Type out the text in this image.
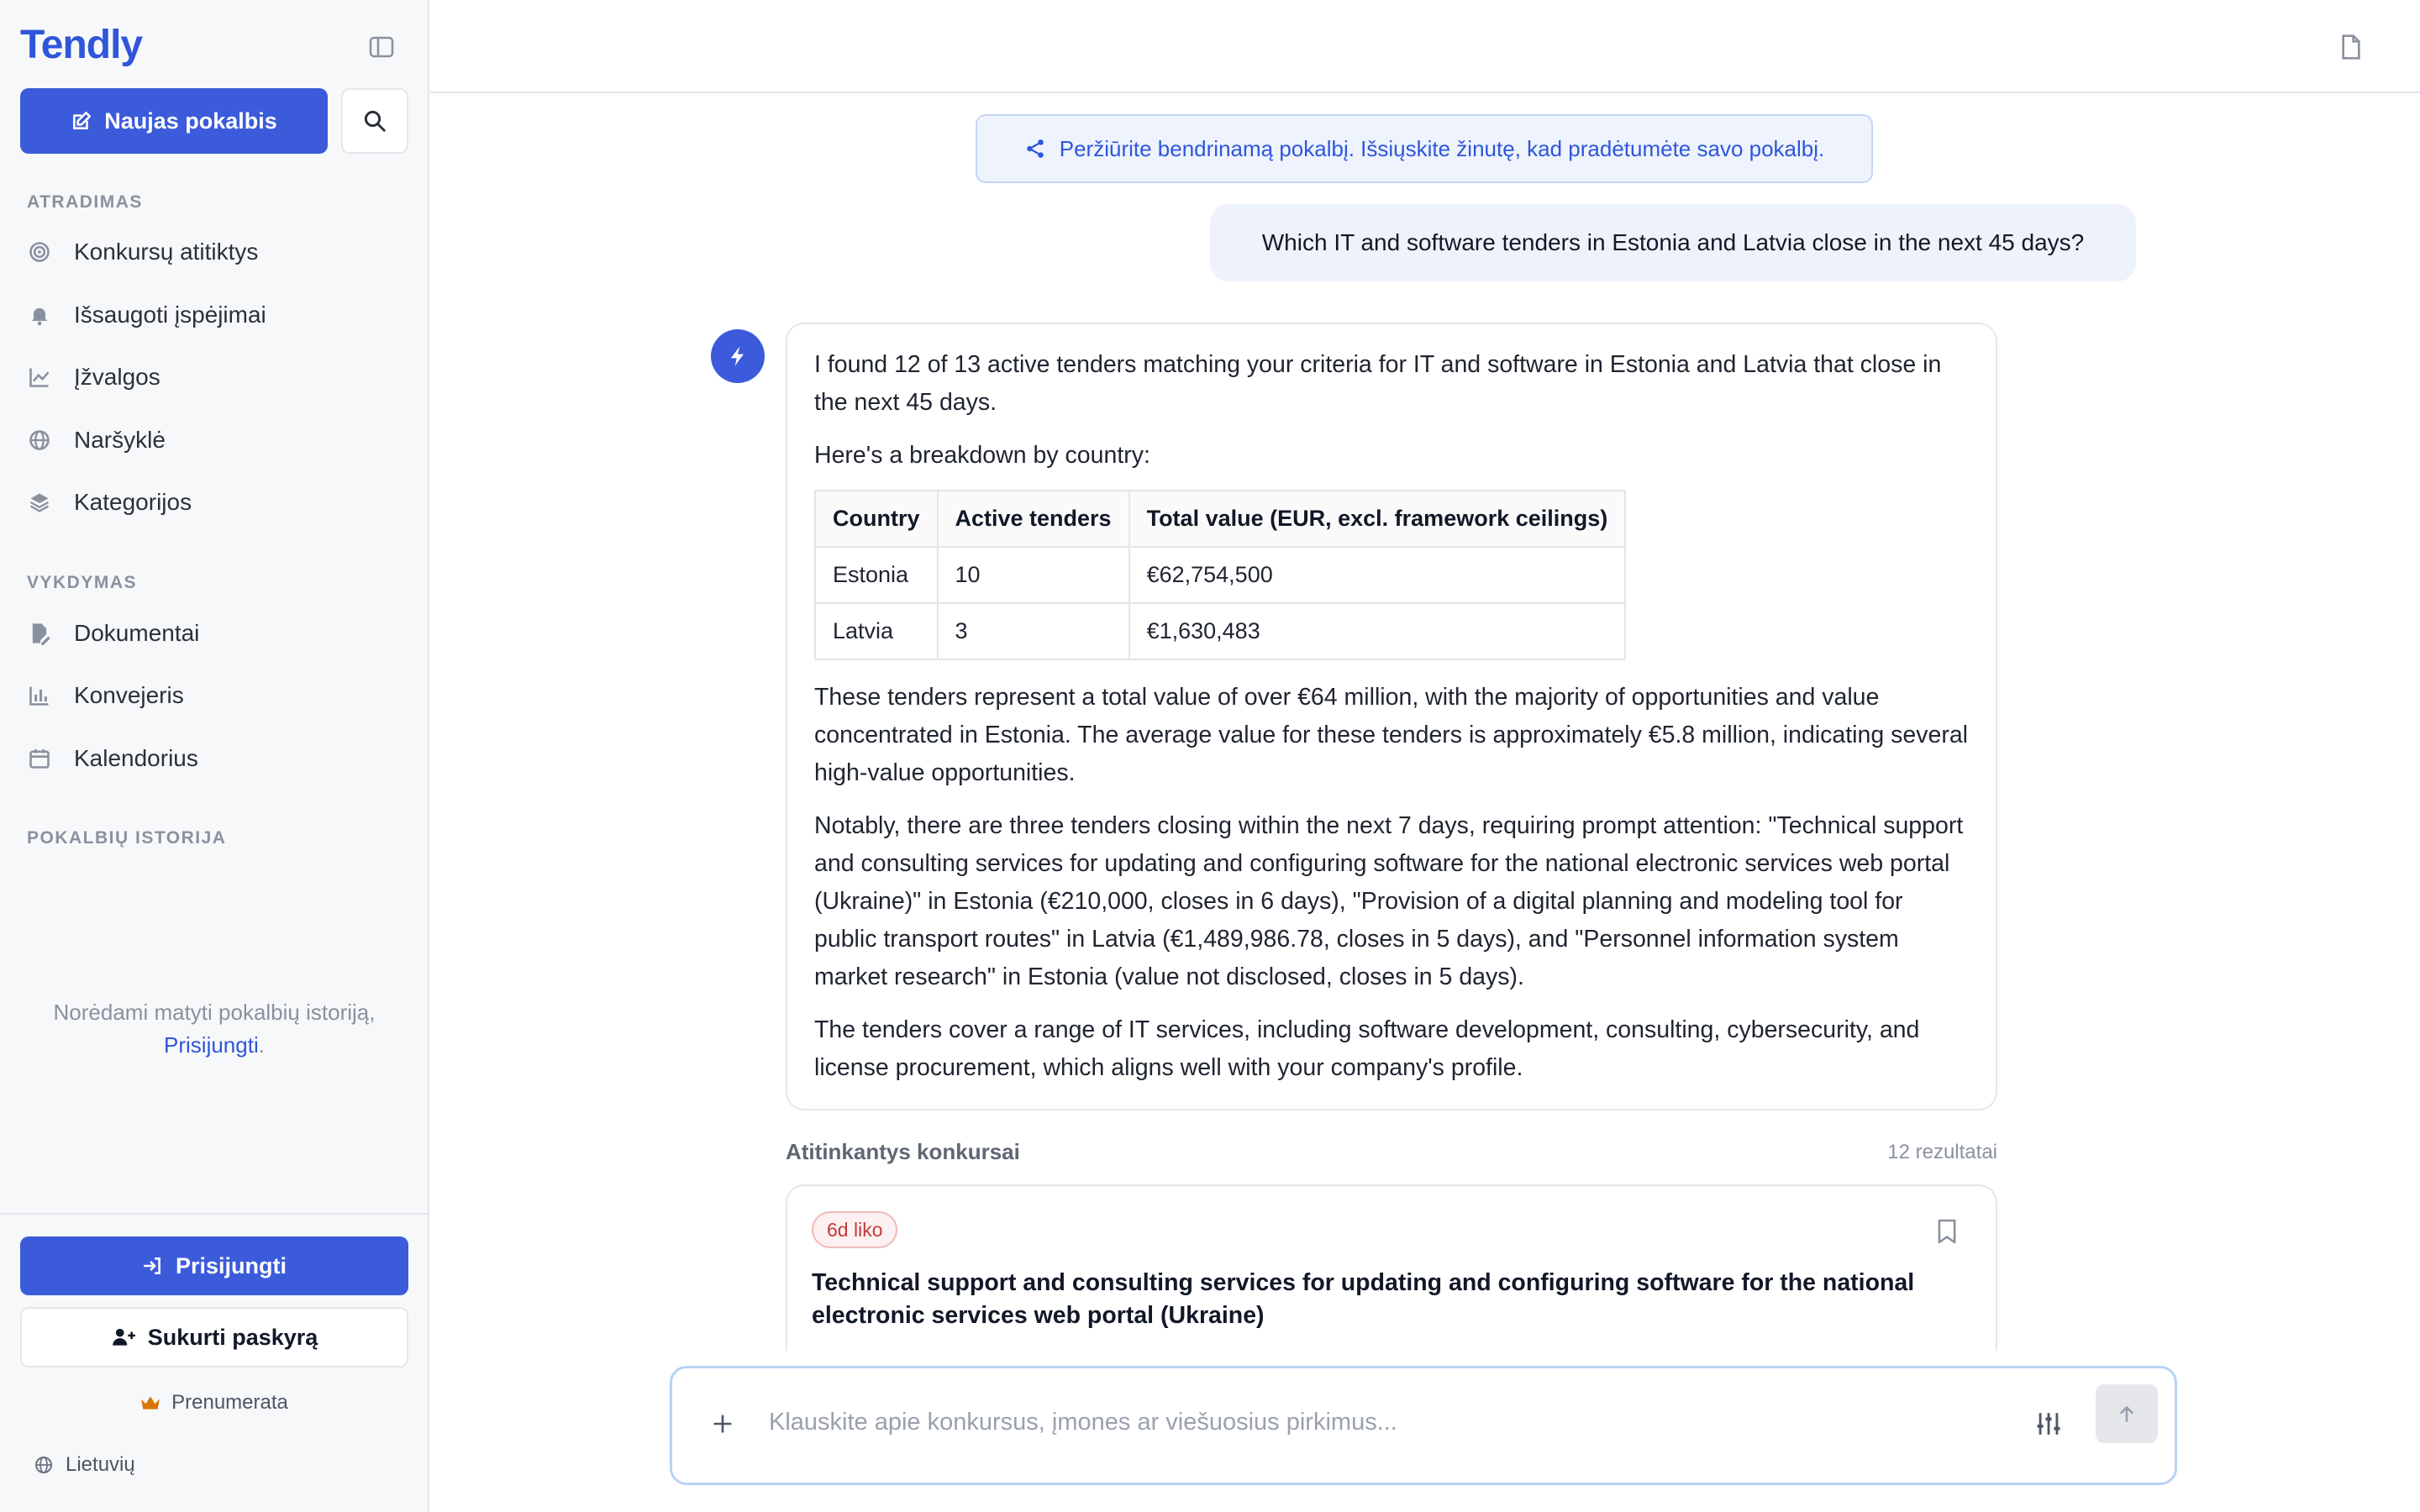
Tendly
Naujas pokalbis
ATRADIMAS
Konkursų atitiktys
Išsaugoti įspėjimai
Įžvalgos
Naršyklė
Kategorijos
VYKDYMAS
Dokumentai
Konvejeris
Kalendorius
POKALBIŲ ISTORIJA
Norėdami matyti pokalbių istoriją,
Prisijungti.
Prisijungti
Sukurti paskyrą
Prenumerata
Lietuvių
Peržiūrite bendrinamą pokalbį. Išsiųskite žinutę, kad pradėtumėte savo pokalbį.
Which IT and software tenders in Estonia and Latvia close in the next 45 days?

I found 12 of 13 active tenders matching your criteria for IT and software in Estonia and Latvia that close in the next 45 days.

Here's a breakdown by country:

Country	Active tenders	Total value (EUR, excl. framework ceilings)
Estonia	10	€62,754,500
Latvia	3	€1,630,483

These tenders represent a total value of over €64 million, with the majority of opportunities and value concentrated in Estonia. The average value for these tenders is approximately €5.8 million, indicating several high-value opportunities.

Notably, there are three tenders closing within the next 7 days, requiring prompt attention: "Technical support and consulting services for updating and configuring software for the national electronic services web portal (Ukraine)" in Estonia (€210,000, closes in 6 days), "Provision of a digital planning and modeling tool for public transport routes" in Latvia (€1,489,986.78, closes in 5 days), and "Personnel information system market research" in Estonia (value not disclosed, closes in 5 days).

The tenders cover a range of IT services, including software development, consulting, cybersecurity, and license procurement, which aligns well with your company's profile.

Atitinkantys konkursai	12 rezultatai
6d liko
Technical support and consulting services for updating and configuring software for the national electronic services web portal (Ukraine)
Klauskite apie konkursus, įmones ar viešuosius pirkimus...
